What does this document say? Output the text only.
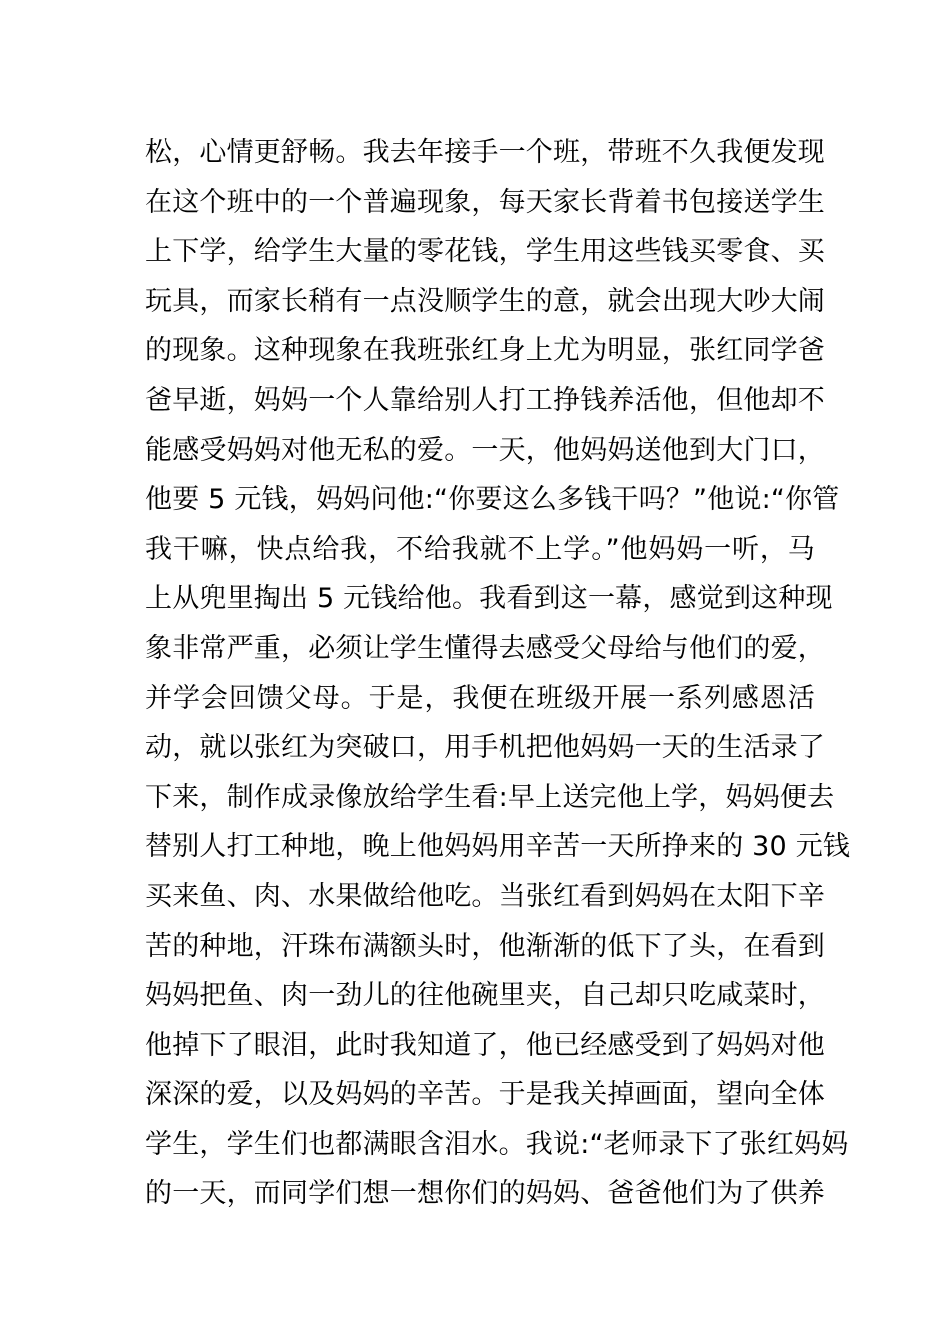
松，心情更舒畅。我去年接手一个班，带班不久我便发现
在这个班中的一个普遍现象，每天家长背着书包接送学生
上下学，给学生大量的零花钱，学生用这些钱买零食、买
玩具，而家长稍有一点没顺学生的意，就会出现大吵大闹
的现象。这种现象在我班张红身上尤为明显，张红同学爸
爸早逝，妈妈一个人靠给别人打工挣钱养活他，但他却不
能感受妈妈对他无私的爱。一天，他妈妈送他到大门口，
他要 5 元钱，妈妈问他:“你要这么多钱干吗？”他说:“你管
我干嘛，快点给我，不给我就不上学。”他妈妈一听，马
上从兜里掏出 5 元钱给他。我看到这一幕，感觉到这种现
象非常严重，必须让学生懂得去感受父母给与他们的爱，
并学会回馈父母。于是，我便在班级开展一系列感恩活
动，就以张红为突破口，用手机把他妈妈一天的生活录了
下来，制作成录像放给学生看:早上送完他上学，妈妈便去
替别人打工种地，晚上他妈妈用辛苦一天所挣来的 30 元钱
买来鱼、肉、水果做给他吃。当张红看到妈妈在太阳下辛
苦的种地，汗珠布满额头时，他渐渐的低下了头，在看到
妈妈把鱼、肉一劲儿的往他碗里夹，自己却只吃咸菜时，
他掉下了眼泪，此时我知道了，他已经感受到了妈妈对他
深深的爱，以及妈妈的辛苦。于是我关掉画面，望向全体
学生，学生们也都满眼含泪水。我说:“老师录下了张红妈妈
的一天，而同学们想一想你们的妈妈、爸爸他们为了供养
